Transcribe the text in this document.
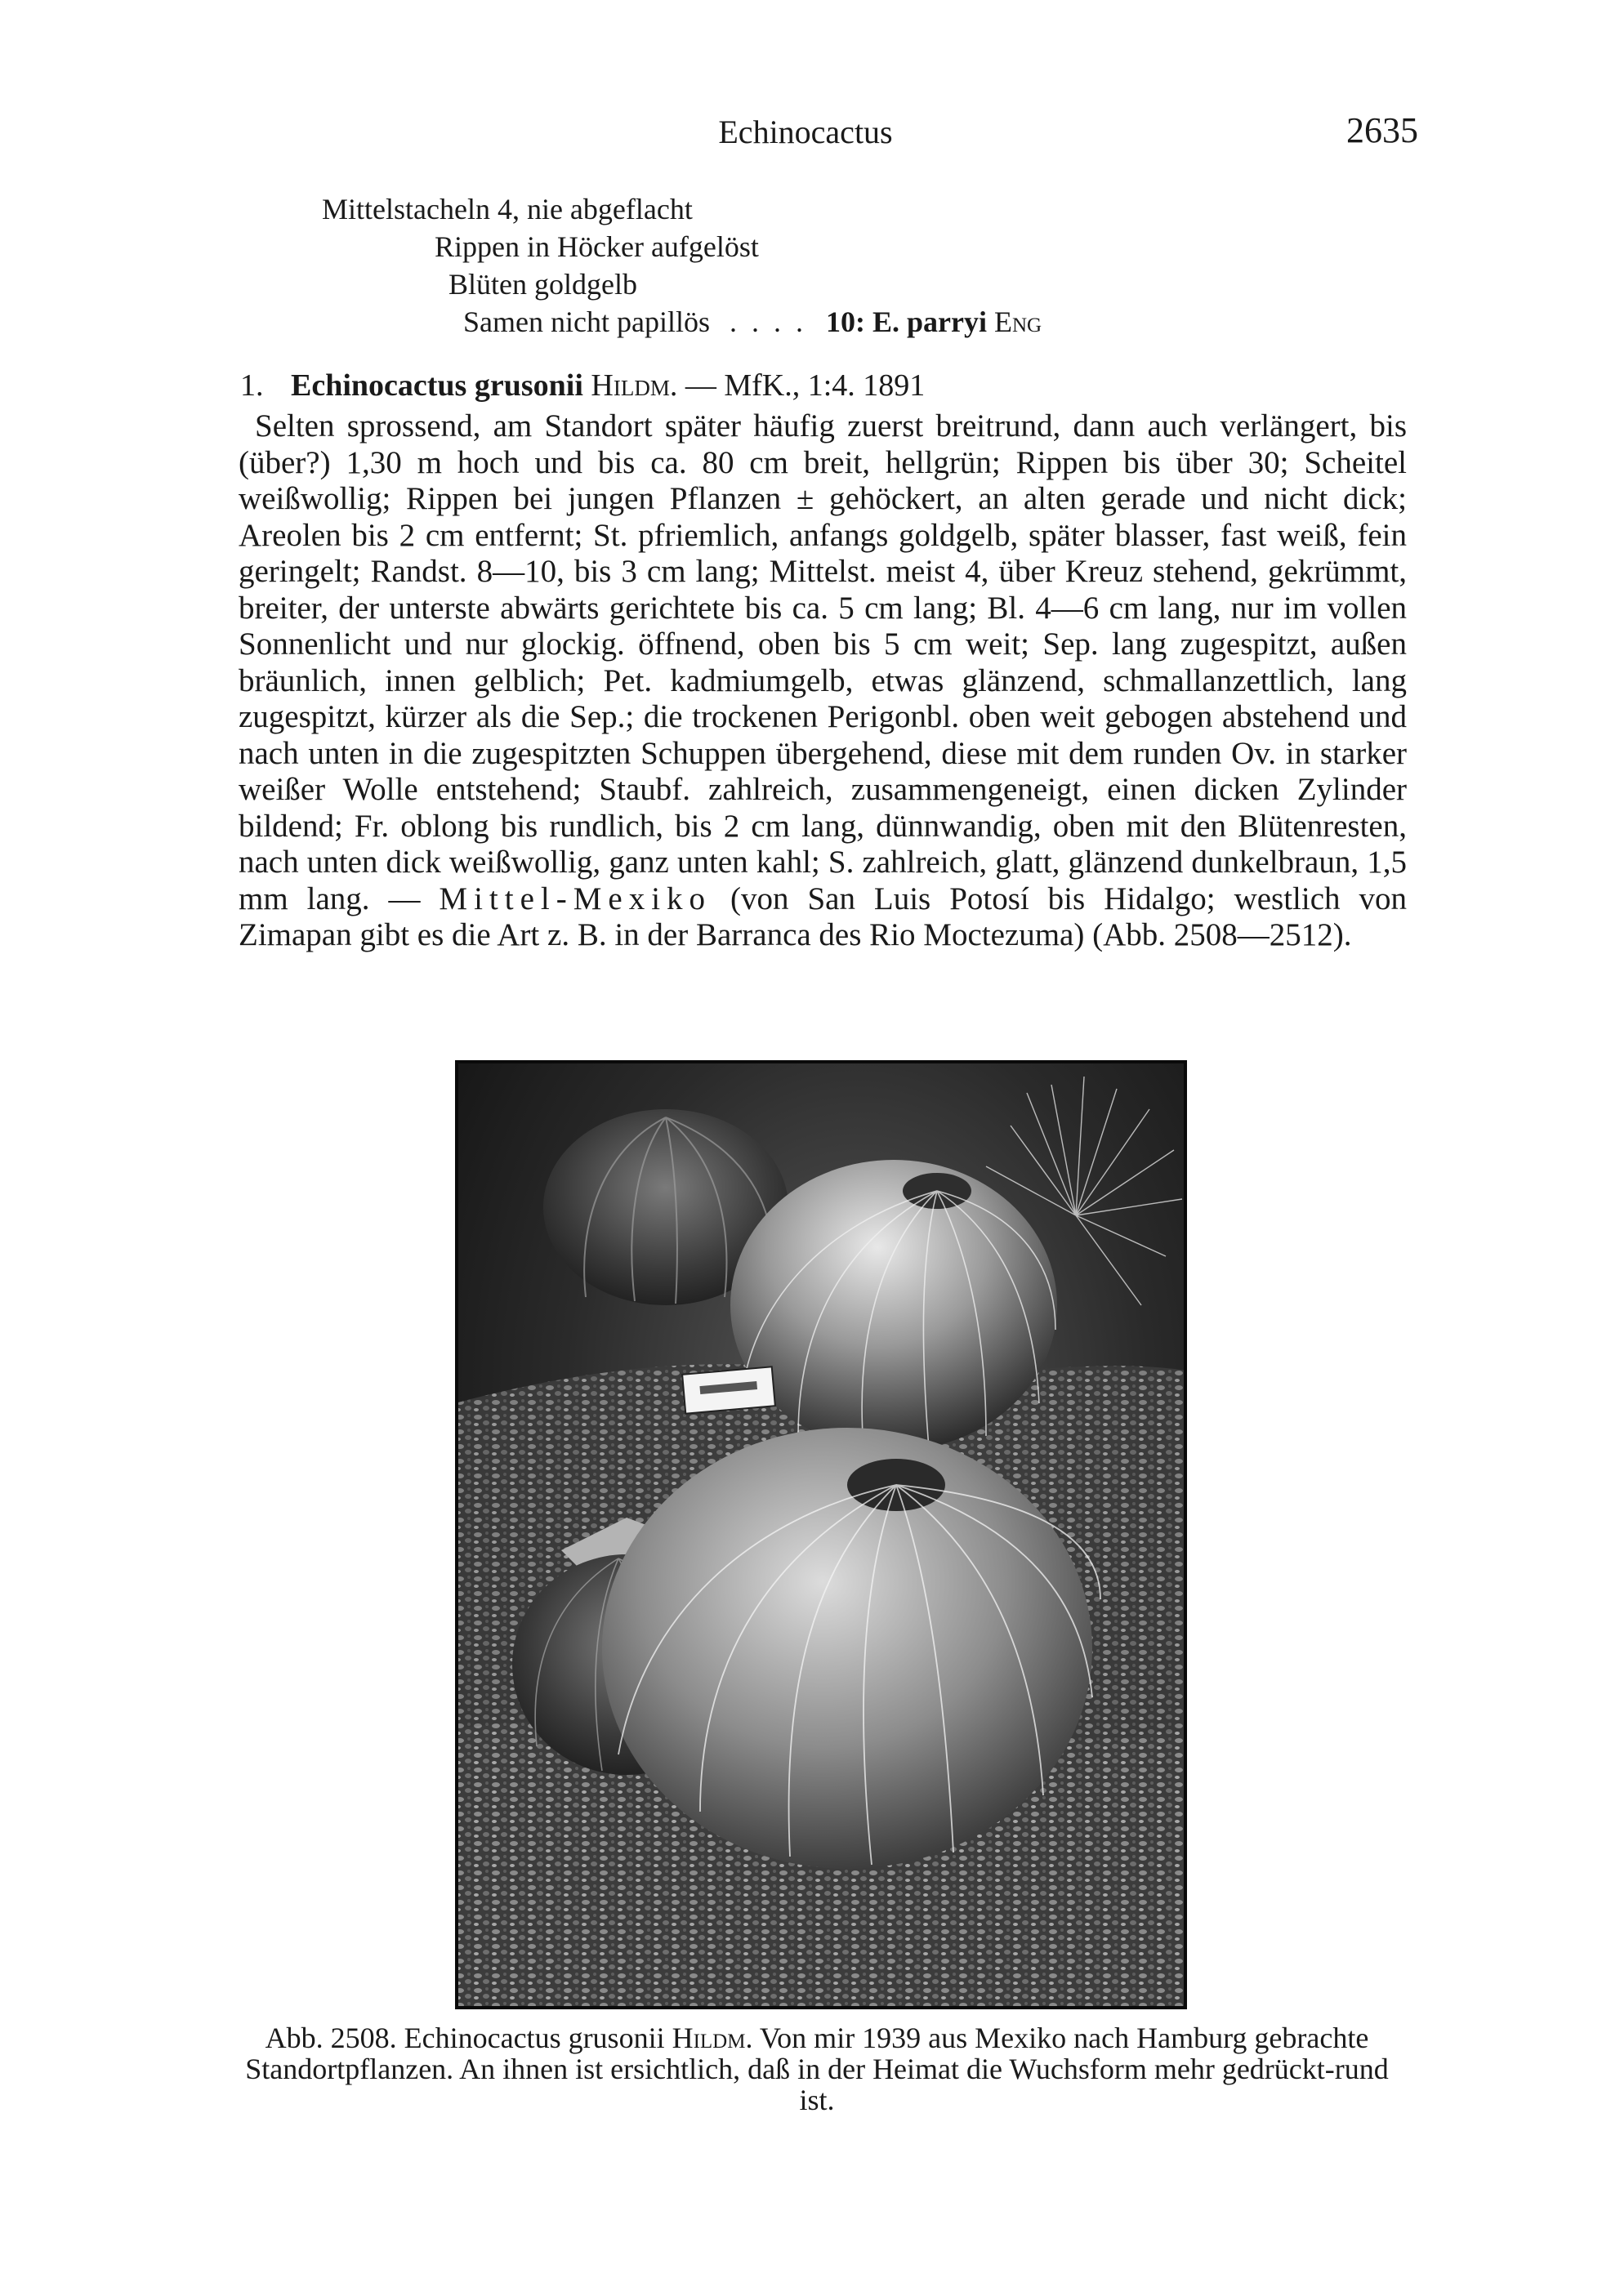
Echinocactus	2635
Mittelstacheln 4, nie abgeflacht
Rippen in Höcker aufgelöst
Blüten goldgelb
Samen nicht papillös .... 10: E. parryi Eng
1. Echinocactus grusonii Hildm. — MfK., 1:4. 1891
Selten sprossend, am Standort später häufig zuerst breitrund, dann auch verlängert, bis (über?) 1,30 m hoch und bis ca. 80 cm breit, hellgrün; Rippen bis über 30; Scheitel weißwollig; Rippen bei jungen Pflanzen ± gehöckert, an alten gerade und nicht dick; Areolen bis 2 cm entfernt; St. pfriemlich, anfangs goldgelb, später blasser, fast weiß, fein geringelt; Randst. 8—10, bis 3 cm lang; Mittelst. meist 4, über Kreuz stehend, gekrümmt, breiter, der unterste abwärts gerichtete bis ca. 5 cm lang; Bl. 4—6 cm lang, nur im vollen Sonnenlicht und nur glockig. öffnend, oben bis 5 cm weit; Sep. lang zugespitzt, außen bräunlich, innen gelblich; Pet. kadmiumgelb, etwas glänzend, schmallanzettlich, lang zugespitzt, kürzer als die Sep.; die trockenen Perigonbl. oben weit gebogen abstehend und nach unten in die zugespitzten Schuppen übergehend, diese mit dem runden Ov. in starker weißer Wolle entstehend; Staubf. zahlreich, zusammengeneigt, einen dicken Zylinder bildend; Fr. oblong bis rundlich, bis 2 cm lang, dünnwandig, oben mit den Blütenresten, nach unten dick weißwollig, ganz unten kahl; S. zahlreich, glatt, glänzend dunkelbraun, 1,5 mm lang. — Mittel-Mexiko (von San Luis Potosí bis Hidalgo; westlich von Zimapan gibt es die Art z. B. in der Barranca des Rio Moctezuma) (Abb. 2508—2512).
Abb. 2508. Echinocactus grusonii Hildm. Von mir 1939 aus Mexiko nach Hamburg gebrachte Standortpflanzen. An ihnen ist ersichtlich, daß in der Heimat die Wuchsform mehr gedrückt-rund ist.
